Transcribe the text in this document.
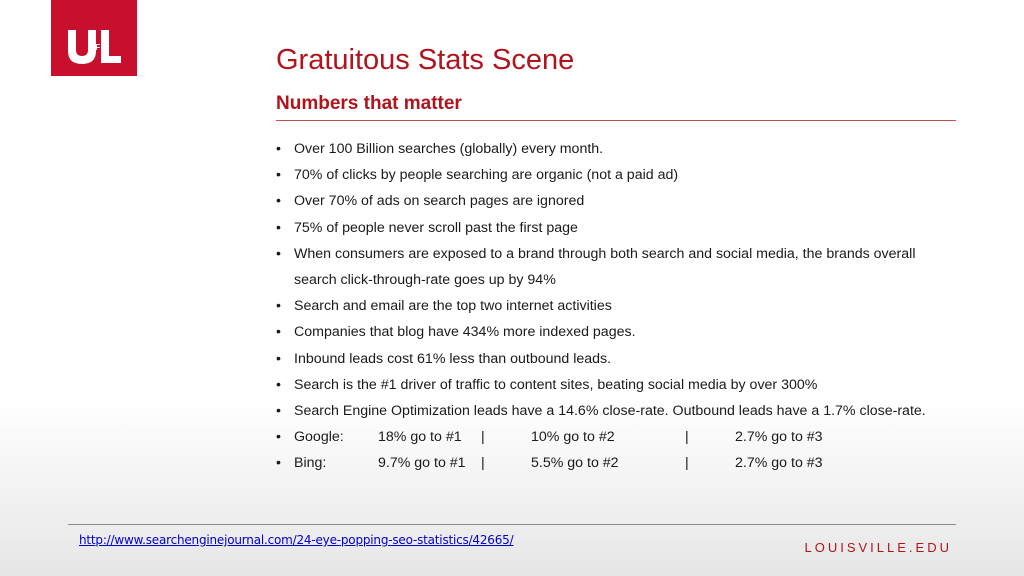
OF	Gratuitous Stats Scene
Numbers that matter
• Over 100 Billion searches (globally) every month.
• 70% of clicks by people searching are organic (not a paid ad)
• Over 70% of ads on search pages are ignored
• 75% of people never scroll past the first page
• When consumers are exposed to a brand through both search and social media, the brands overall search click-through-rate goes up by 94%
• Search and email are the top two internet activities
• Companies that blog have 434% more indexed pages.
• Inbound leads cost 61% less than outbound leads.
• Search is the #1 driver of traffic to content sites, beating social media by over 300%
• Search Engine Optimization leads have a 14.6% close-rate. Outbound leads have a 1.7% close-rate.
• Google:	18% go to #1	|	10% go to #2	|	2.7% go to #3
• Bing:	9.7% go to #1	|	5.5% go to #2	|	2.7% go to #3
http://www.searchenginejournal.com/24-eye-popping-seo-statistics/42665/	LOUISVILLE.EDU
